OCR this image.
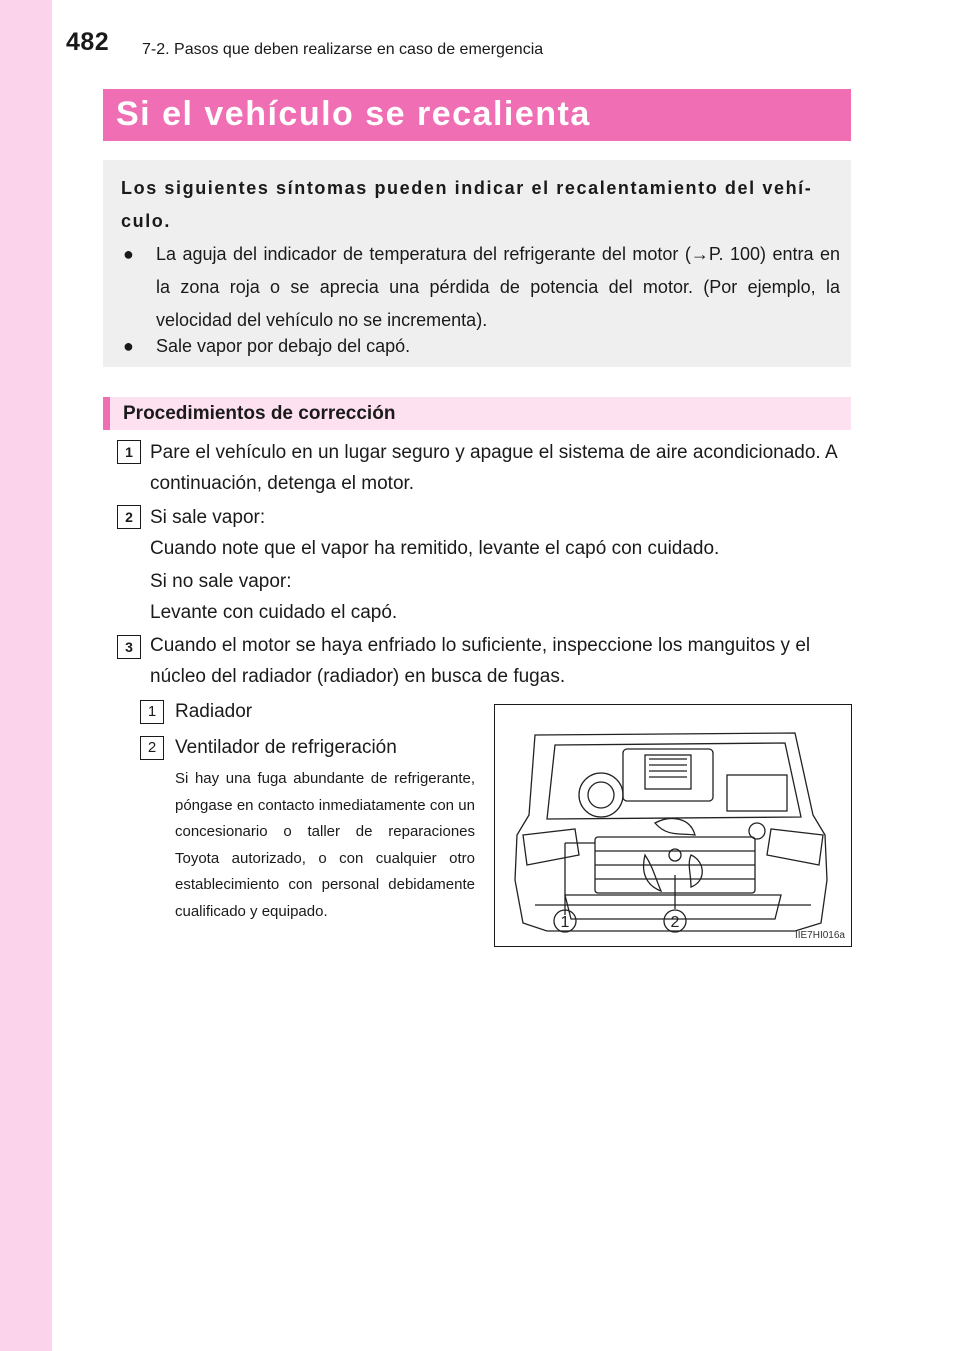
482 7-2. Pasos que deben realizarse en caso de emergencia
Si el vehículo se recalienta
Los siguientes síntomas pueden indicar el recalentamiento del vehículo.
● La aguja del indicador de temperatura del refrigerante del motor (→P. 100) entra en la zona roja o se aprecia una pérdida de potencia del motor. (Por ejemplo, la velocidad del vehículo no se incrementa).
● Sale vapor por debajo del capó.
Procedimientos de corrección
1 Pare el vehículo en un lugar seguro y apague el sistema de aire acondicionado. A continuación, detenga el motor.
2 Si sale vapor:
Cuando note que el vapor ha remitido, levante el capó con cuidado.
Si no sale vapor:
Levante con cuidado el capó.
3 Cuando el motor se haya enfriado lo suficiente, inspeccione los manguitos y el núcleo del radiador (radiador) en busca de fugas.
1 Radiador
2 Ventilador de refrigeración
Si hay una fuga abundante de refrigerante, póngase en contacto inmediatamente con un concesionario o taller de reparaciones Toyota autorizado, o con cualquier otro establecimiento con personal debidamente cualificado y equipado.
1	2
IIE7HI016a
